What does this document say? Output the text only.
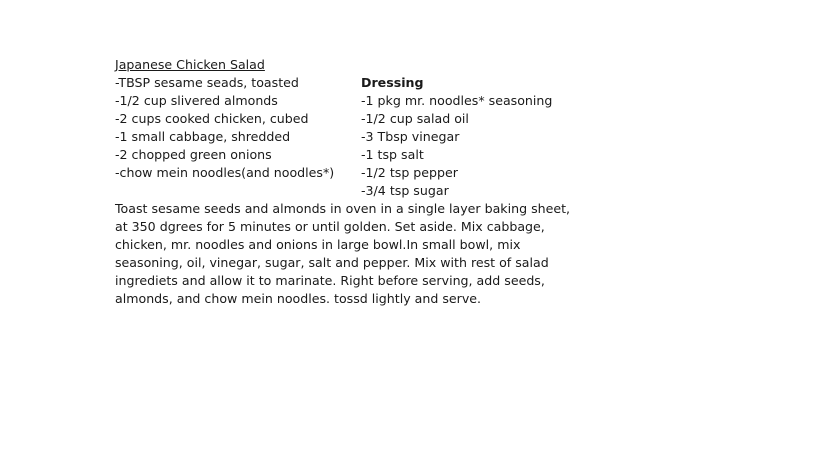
Japanese Chicken Salad
-TBSP sesame seads, toasted
-1/2 cup slivered almonds
-2 cups cooked chicken, cubed
-1 small cabbage, shredded
-2 chopped green onions
-chow mein noodles(and noodles*)
Dressing
-1 pkg mr. noodles* seasoning
-1/2 cup salad oil
-3 Tbsp vinegar
-1 tsp salt
-1/2 tsp pepper
-3/4 tsp sugar
Toast sesame seeds and almonds in oven in a single layer baking sheet,
at 350 dgrees for 5 minutes or until golden. Set aside. Mix cabbage,
chicken, mr. noodles and onions in large bowl.In small bowl, mix
seasoning, oil, vinegar, sugar, salt and pepper. Mix with rest of salad
ingrediets and allow it to marinate. Right before serving, add seeds,
almonds, and chow mein noodles. tossd lightly and serve.
